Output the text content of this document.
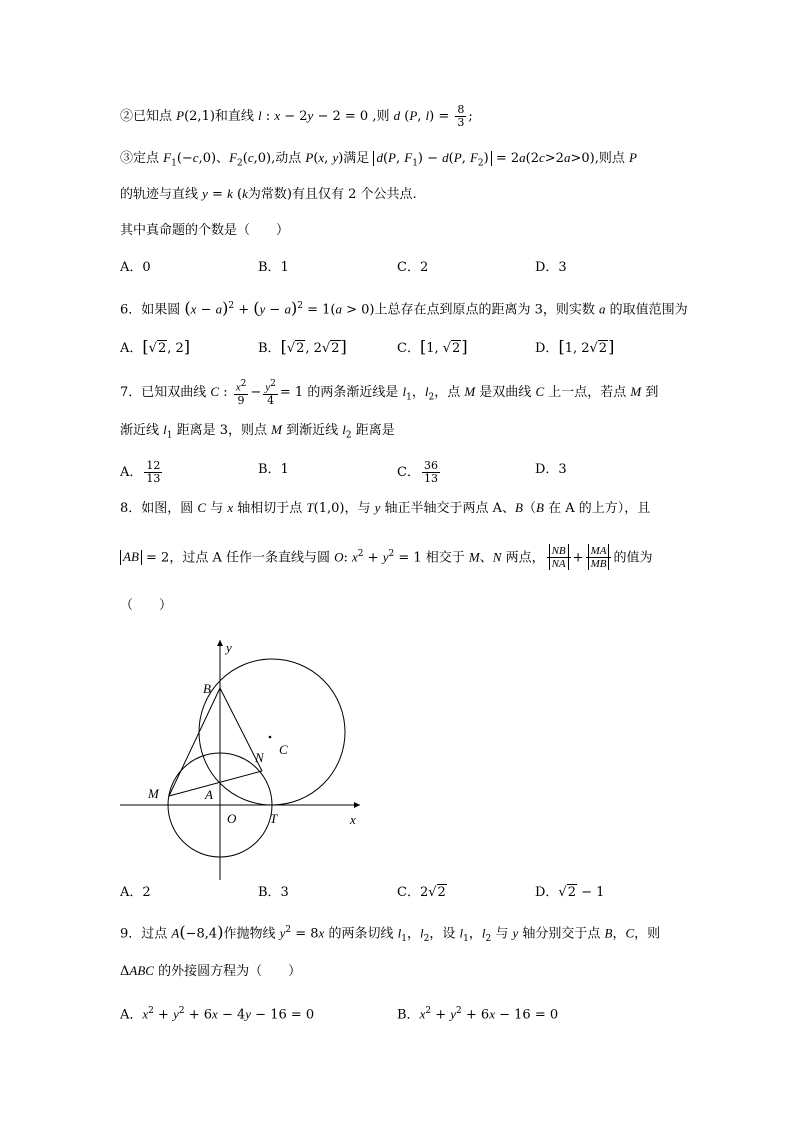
②已知点 P(2,1)和直线 l : x − 2y − 2 = 0 ,则 d (P, $l) = \frac{8}{3}$ ;
③定点 $F_1(-c,0)$、$F_2(c,0)$,动点 P(x, y)满足 d(P, $F_1) - d(P$, $F_2) = 2a(2c>2a>0)$,则点 P
的轨迹与直线 y = k (k为常数)有且仅有 2 个公共点.
其中真命题的个数是（　　）
A．0	B．1	C．2	D．3
6．如果圆 $(x - a)^2 + (y - a)^2 = 1(a > 0)$上总存在点到原点的距离为 3，则实数 a 的取值范围为
A．[√2, 2]	B．[√2, 2√2]	C．[1, √2]	D．[1, 2√2]
7．已知双曲线 C : $\frac{x^2}{9} - \frac{y^2}{4} = 1$ 的两条渐近线是 $l_1$，$l_2$，点 M 是双曲线 C 上一点，若点 M 到
渐近线 $l_1$ 距离是 3，则点 M 到渐近线 $l_2$ 距离是
A． $\frac{12}{13}$	B．1	C． $\frac{36}{13}$	D．3
8．如图，圆 C 与 x 轴相切于点 T(1,0)，与 y 轴正半轴交于两点 A、B（B 在 A 的上方），且
AB = 2，过点 A 任作一条直线与圆 O: $x^2 + y^2 = 1$ 相交于 M、N 两点， $\frac{NB}{NA} + \frac{MA}{MB}$ 的值为
（　　）
y
x
B
C
N
M	A
O	T
A．2	B．3	C．2√2	D．√2 − 1
9．过点 A(−8,4)作抛物线 $y^2 = 8x$ 的两条切线 $l_1$，$l_2$，设 $l_1$，$l_2$ 与 y 轴分别交于点 B，C，则
ΔABC 的外接圆方程为（　　）
A．$x^2 + y^2 + 6x - 4y - 16 = 0$	B．$x^2 + y^2 + 6x - 16 = 0$
